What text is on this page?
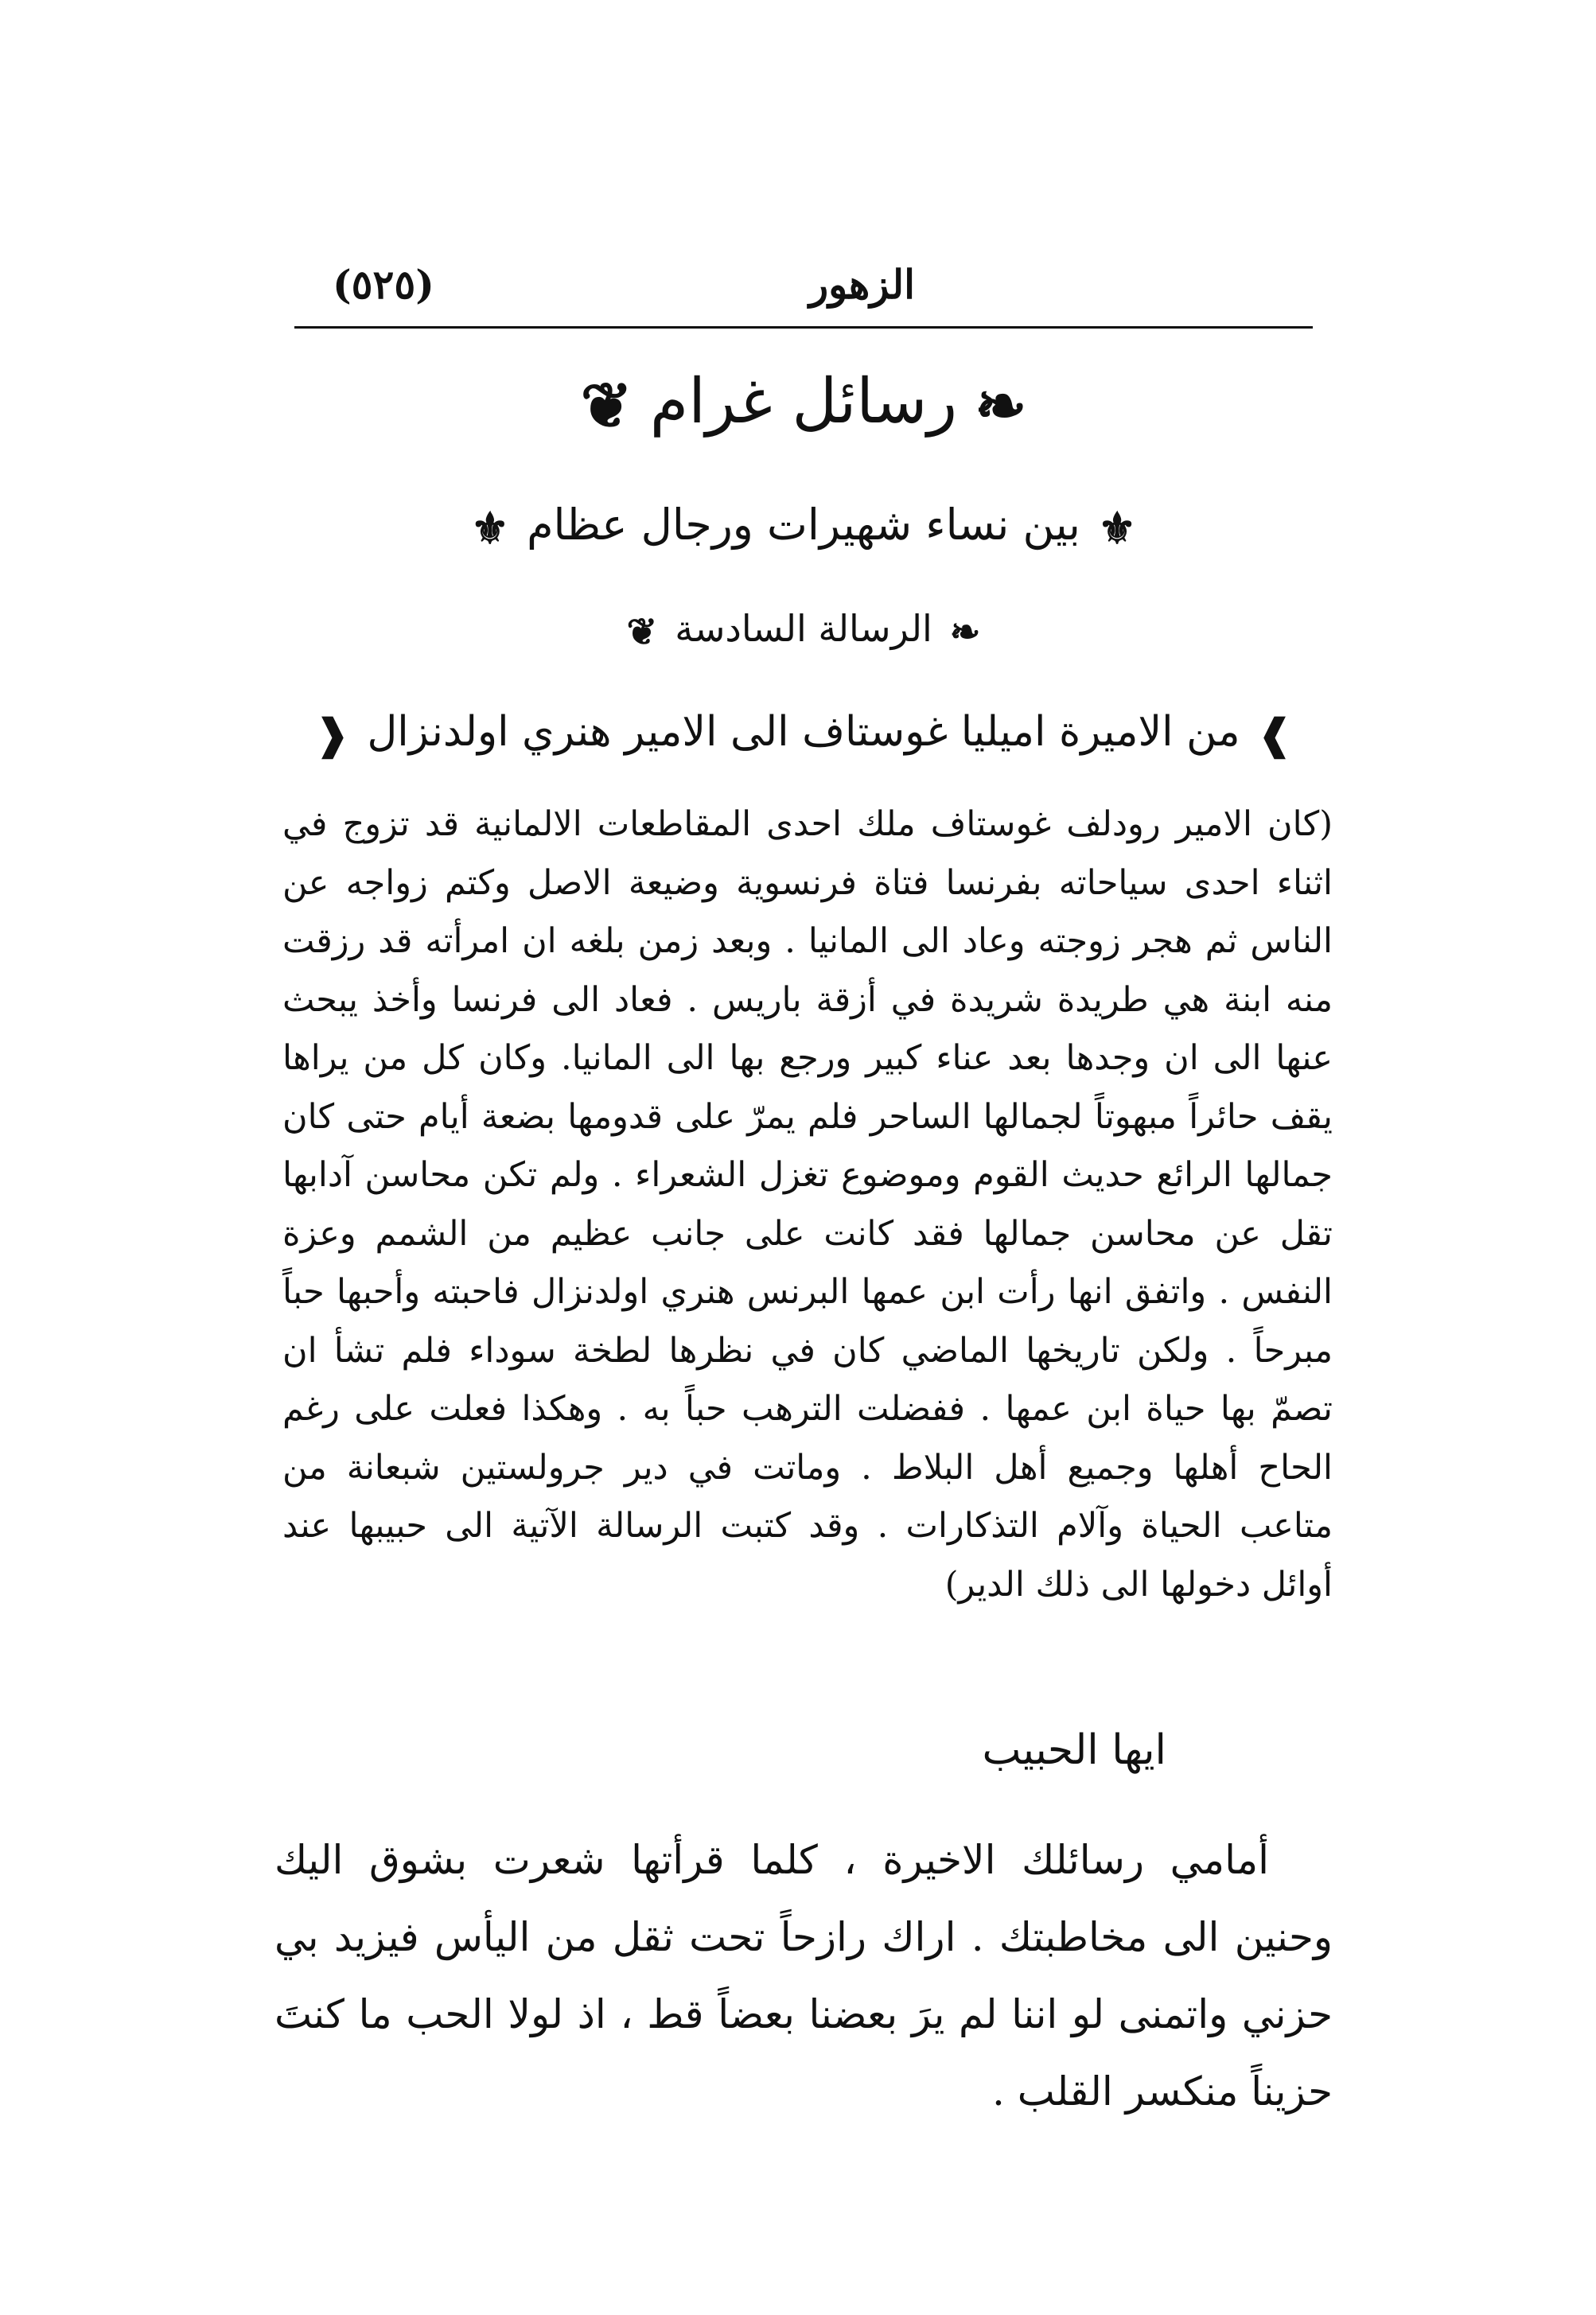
الزهور
(٥٢٥)
❧رسائل غرام❦
⚜بين نساء شهيرات ورجال عظام⚜
❧الرسالة السادسة❦
❱من الاميرة اميليا غوستاف الى الامير هنري اولدنزال❰
(كان الامير رودلف غوستاف ملك احدى المقاطعات الالمانية قد تزوج في اثناء احدى سياحاته بفرنسا فتاة فرنسوية وضيعة الاصل وكتم زواجه عن الناس ثم هجر زوجته وعاد الى المانيا . وبعد زمن بلغه ان امرأته قد رزقت منه ابنة هي طريدة شريدة في أزقة باريس . فعاد الى فرنسا وأخذ يبحث عنها الى ان وجدها بعد عناء كبير ورجع بها الى المانيا. وكان كل من يراها يقف حائراً مبهوتاً لجمالها الساحر فلم يمرّ على قدومها بضعة أيام حتى كان جمالها الرائع حديث القوم وموضوع تغزل الشعراء . ولم تكن محاسن آدابها تقل عن محاسن جمالها فقد كانت على جانب عظيم من الشمم وعزة النفس . واتفق انها رأت ابن عمها البرنس هنري اولدنزال فاحبته وأحبها حباً مبرحاً . ولكن تاريخها الماضي كان في نظرها لطخة سوداء فلم تشأ ان تصمّ بها حياة ابن عمها . ففضلت الترهب حباً به . وهكذا فعلت على رغم الحاح أهلها وجميع أهل البلاط . وماتت في دير جرولستين شبعانة من متاعب الحياة وآلام التذكارات . وقد كتبت الرسالة الآتية الى حبيبها عند أوائل دخولها الى ذلك الدير)
ايها الحبيب
أمامي رسائلك الاخيرة ، كلما قرأتها شعرت بشوق اليك وحنين الى مخاطبتك . اراك رازحاً تحت ثقل من اليأس فيزيد بي حزني واتمنى لو اننا لم يرَ بعضنا بعضاً قط ، اذ لولا الحب ما كنتَ حزيناً منكسر القلب .
